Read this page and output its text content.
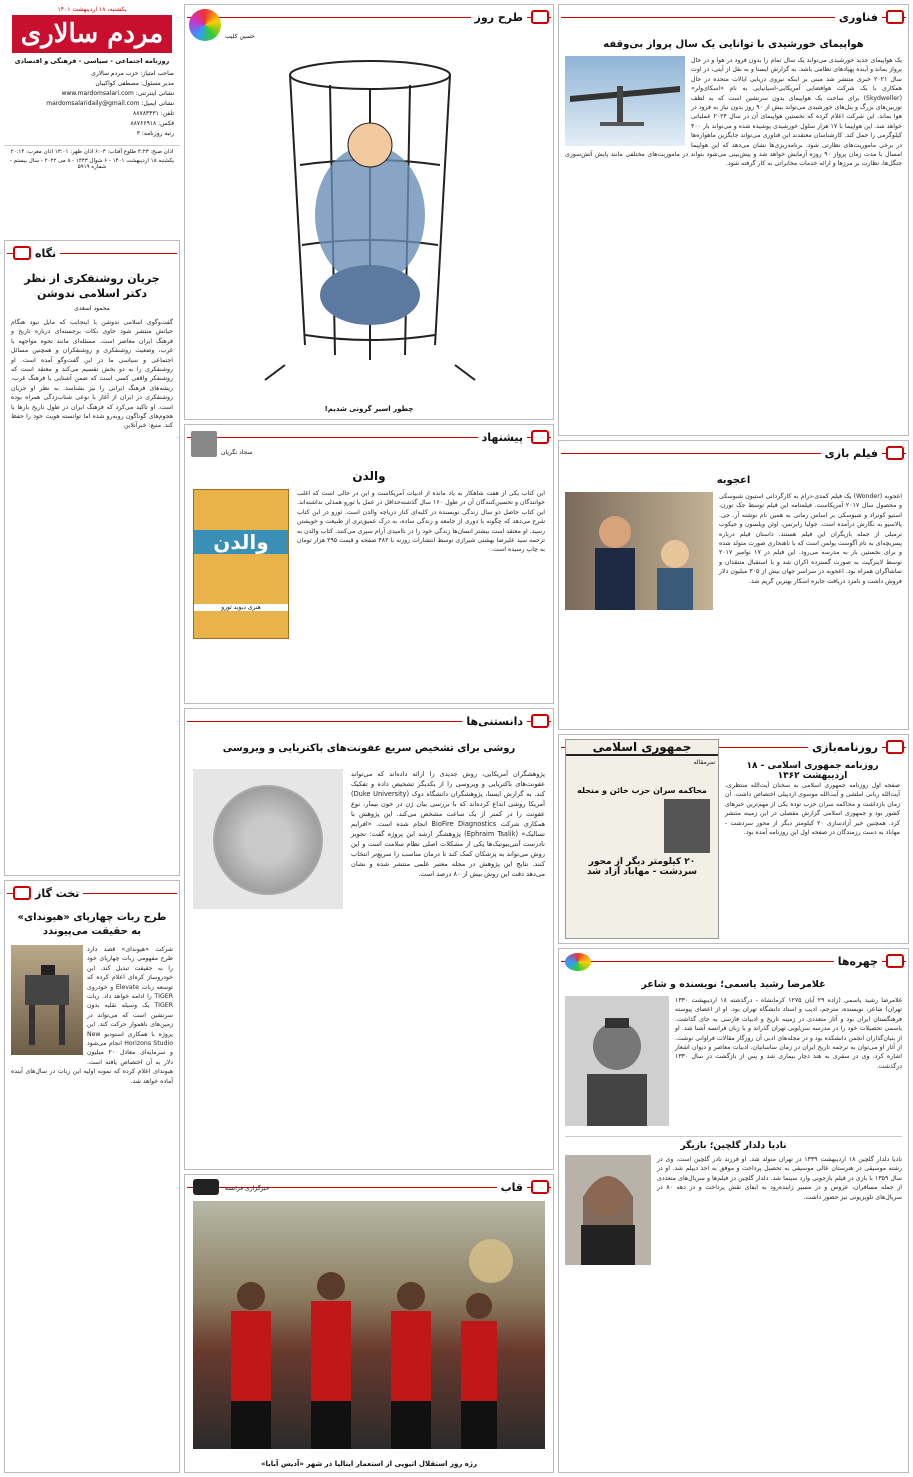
یکشنبه، ۱۸ اردیبهشت ۱۴۰۱
مردم سالاری
روزنامه اجتماعی - سیاسی - فرهنگی و اقتصادی
صاحب امتیاز: حزب مردم سالاری
مدیر مسئول: مصطفی کواکبیان
نشانی اینترنتی: www.mardomsalari.com
نشانی ایمیل: mardomsalaridaily@gmail.com
تلفن: ۸۸۷۸۳۴۳۱
فکس: ۸۸۷۶۶۹۱۸
رتبه روزنامه: ۳
اذان صبح: ۴:۲۳ طلوع آفتاب: ۶:۰۴ اذان ظهر: ۱۳:۰۱ اذان مغرب: ۲۰:۱۴
یکشنبه ۱۸ اردیبهشت ۱۴۰۱ - ۶ شوال ۱۴۴۳ - ۸ می ۲۰۲۲ - سال بیستم - شماره ۵۹۱۹
نگاه
جریان روشنفکری از نظر دکتر اسلامی ندوشن
محمود اسعدی
گفت‌وگوی اسلامی ندوشن با اینجانب که مایل نبود هنگام حیاتش منتشر شود حاوی نکات برجسته‌ای درباره تاریخ و فرهنگ ایران معاصر است. مسئله‌ای مانند تحوه مواجهه با غرب، وضعیت روشنفکری و روشنفکران و همچنین مسائل اجتماعی و سیاسی ما در این گفت‌وگو آمده است. او روشنفکری را به دو بخش تقسیم می‌کند و معتقد است که روشنفکر واقعی کسی است که ضمن آشنایی با فرهنگ غرب، ریشه‌های فرهنگ ایرانی را نیز بشناسد. به نظر او جریان روشنفکری در ایران از آغاز با نوعی شتاب‌زدگی همراه بوده است. او تاکید می‌کرد که فرهنگ ایران در طول تاریخ بارها با هجوم‌های گوناگون روبه‌رو شده اما توانسته هویت خود را حفظ کند. منبع: خبرآنلاین
تخت گاز
طرح ربات چهارپای «هیوندای» به حقیقت می‌پیوندد
شرکت «هیوندای» قصد دارد طرح مفهومی ربات چهارپای خود را به حقیقت تبدیل کند. این خودروساز کره‌ای اعلام کرده که توسعه ربات Elevate و خودروی TIGER را ادامه خواهد داد. ربات TIGER یک وسیله نقلیه بدون سرنشین است که می‌تواند در زمین‌های ناهموار حرکت کند. این پروژه با همکاری استودیو New Horizons Studio انجام می‌شود و سرمایه‌ای معادل ۲۰ میلیون دلار به آن اختصاص یافته است. هیوندای اعلام کرده که نمونه اولیه این ربات در سال‌های آینده آماده خواهد شد.
طرح روز
حسین کلیب
چطور اسیر گرونی شدیم!
پیشنهاد
سجاد نگریان
والدن
والدن
هنری دیوید ثورو
این کتاب یکی از هفت شاهکار به یاد مانده از ادبیات آمریکاست و این در حالی است که اغلب خوانندگان و تحسین‌کنندگان آن در طول ۱۶۰ سال گذشته‌حداقل در عمل با ثورو همدلی نداشته‌اند. این کتاب حاصل دو سال زندگی نویسنده در کلبه‌ای کنار دریاچه والدن است. ثورو در این کتاب شرح می‌دهد که چگونه با دوری از جامعه و زندگی ساده، به درک عمیق‌تری از طبیعت و خویشتن رسید. او معتقد است بیشتر انسان‌ها زندگی خود را در ناامیدی آرام سپری می‌کنند. کتاب والدن به ترجمه سید علیرضا بهشتی شیرازی توسط انتشارات روزنه با ۴۸۲ صفحه و قیمت ۲۹۵ هزار تومان به چاپ رسیده است.
دانستنی‌ها
روشی برای تشخیص سریع عفونت‌های باکتریایی و ویروسی
پژوهشگران آمریکایی، روش جدیدی را ارائه داده‌اند که می‌تواند عفونت‌های باکتریایی و ویروسی را از یکدیگر تشخیص داده و تفکیک کند. به گزارش ایسنا، پژوهشگران دانشگاه دوک (Duke University) آمریکا روشی ابداع کرده‌اند که با بررسی بیان ژن در خون بیمار، نوع عفونت را در کمتر از یک ساعت مشخص می‌کند. این پژوهش با همکاری شرکت BioFire Diagnostics انجام شده است. «افرایم تسالیک» (Ephraim Tsalik) پژوهشگر ارشد این پروژه گفت: تجویز نادرست آنتی‌بیوتیک‌ها یکی از مشکلات اصلی نظام سلامت است و این روش می‌تواند به پزشکان کمک کند تا درمان مناسب را سریع‌تر انتخاب کنند. نتایج این پژوهش در مجله معتبر علمی منتشر شده و نشان می‌دهد دقت این روش بیش از ۸۰ درصد است.
قاب
خبرگزاری فرانسه
رژه روز استقلال اتیوپی از استعمار ایتالیا در شهر «آدیس آبابا»
فناوری
هواپیمای خورشیدی با توانایی یک سال پرواز بی‌وقفه
یک هواپیمای جدید خورشیدی می‌تواند یک سال تمام را بدون فرود در هوا و در حال پرواز بماند و آینده پهپادهای نظامی باشد. به گزارش ایسنا و به نقل از آیتی، در اوت سال ۲۰۲۱ خبری منتشر شد مبنی بر اینکه نیروی دریایی ایالات متحده در حال همکاری با یک شرکت هوافضایی آمریکایی-اسپانیایی به نام «اسکای‌ولر» (Skydweller) برای ساخت یک هواپیمای بدون سرنشین است که به لطف توربین‌های بزرگ و پنل‌های خورشیدی می‌تواند بیش از ۹۰ روز بدون نیاز به فرود در هوا بماند. این شرکت اعلام کرده که نخستین هواپیمای آن در سال ۲۰۲۴ عملیاتی خواهد شد. این هواپیما با ۱۷ هزار سلول خورشیدی پوشیده شده و می‌تواند بار ۴۰۰ کیلوگرمی را حمل کند. کارشناسان معتقدند این فناوری می‌تواند جایگزین ماهواره‌ها در برخی ماموریت‌های نظارتی شود. برنامه‌ریزی‌ها نشان می‌دهد که این هواپیما امسال با مدت زمان پرواز ۹۰ روزه آزمایش خواهد شد و پیش‌بینی می‌شود بتواند در ماموریت‌های مختلفی مانند پایش آتش‌سوزی جنگل‌ها، نظارت بر مرزها و ارائه خدمات مخابراتی به کار گرفته شود.
فیلم بازی
اعجوبه
اعجوبه (Wonder) یک فیلم کمدی-درام به کارگردانی استیون شبوسکی و محصول سال ۲۰۱۷ آمریکاست. فیلمنامه این فیلم توسط جک تورن، استیو کونراد و شبوسکی بر اساس رمانی به همین نام نوشته آر. جی. پالاسیو به نگارش درآمده است. جولیا رابرتس، اوئن ویلسون و جیکوب ترمبلی از جمله بازیگران این فیلم هستند. داستان فیلم درباره پسربچه‌ای به نام آگوست پولمن است که با ناهنجاری صورت متولد شده و برای نخستین بار به مدرسه می‌رود. این فیلم در ۱۷ نوامبر ۲۰۱۷ توسط لاینزگیت به صورت گسترده اکران شد و با استقبال منتقدان و تماشاگران همراه بود. اعجوبه در سراسر جهان بیش از ۳۰۵ میلیون دلار فروش داشت و نامزد دریافت جایزه اسکار بهترین گریم شد.
روزنامه‌بازی
جمهوری اسلامی
سرمقاله
محاکمه سران حزب خائن و منحله
۲۰ کیلومتر دیگر از محور
سردشت - مهاباد آزاد شد
روزنامه جمهوری اسلامی - ۱۸ اردیبهشت ۱۳۶۲
صفحه اول روزنامه جمهوری اسلامی به سخنان آیت‌الله منتظری، آیت‌الله ربانی املشی و آیت‌الله موسوی اردبیلی اختصاص داشت. آن زمان بازداشت و محاکمه سران حزب توده یکی از مهم‌ترین خبرهای کشور بود و جمهوری اسلامی گزارش مفصلی در این زمینه منتشر کرد. همچنین خبر آزادسازی ۲۰ کیلومتر دیگر از محور سردشت - مهاباد به دست رزمندگان در صفحه اول این روزنامه آمده بود.
چهره‌ها
غلامرضا رشید یاسمی؛ نویسنده و شاعر
غلامرضا رشید یاسمی (زاده ۲۹ آبان ۱۲۷۵ کرمانشاه - درگذشته ۱۸ اردیبهشت ۱۳۳۰ تهران) شاعر، نویسنده، مترجم، ادیب و استاد دانشگاه تهران بود. او از اعضای پیوسته فرهنگستان ایران بود و آثار متعددی در زمینه تاریخ و ادبیات فارسی به جای گذاشت. یاسمی تحصیلات خود را در مدرسه سن‌لویی تهران گذراند و با زبان فرانسه آشنا شد. او از بنیان‌گذاران انجمن دانشکده بود و در مجله‌های ادبی آن روزگار مقالات فراوانی نوشت. از آثار او می‌توان به ترجمه تاریخ ایران در زمان ساسانیان، ادبیات معاصر و دیوان اشعار اشاره کرد. وی در سفری به هند دچار بیماری شد و پس از بازگشت در سال ۱۳۳۰ درگذشت.
نادیا دلدار گلچین؛ بازیگر
نادیا دلدار گلچین ۱۸ اردیبهشت ۱۳۳۹ در تهران متولد شد. او فرزند نادر گلچین است. وی در رشته موسیقی در هنرستان عالی موسیقی به تحصیل پرداخت و موفق به اخذ دیپلم شد. او در سال ۱۳۵۹ با بازی در فیلم بازجویی وارد سینما شد. دلدار گلچین در فیلم‌ها و سریال‌های متعددی از جمله مسافران، عروس و در مسیر زاینده‌رود به ایفای نقش پرداخت و در دهه ۸۰ در سریال‌های تلویزیونی نیز حضور داشت.
